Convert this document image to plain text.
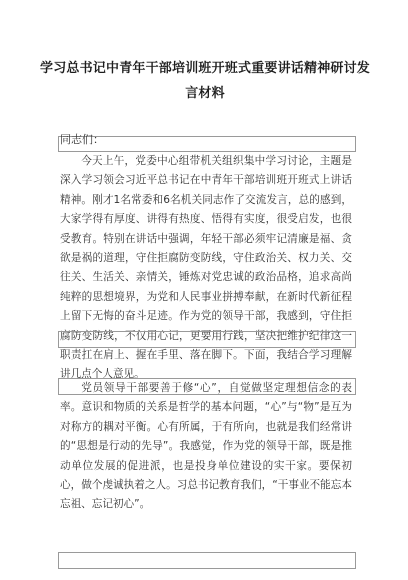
学习总书记中青年干部培训班开班式重要讲话精神研讨发言材料
同志们：
今天上午，党委中心组带机关组织集中学习讨论，主题是深入学习领会习近平总书记在中青年干部培训班开班式上讲话精神。刚才1名常委和6名机关同志作了交流发言，总的感到，大家学得有厚度、讲得有热度、悟得有实度，很受启发，也很受教育。特别在讲话中强调，年轻干部必须牢记清廉是福、贪欲是祸的道理，守住拒腐防变防线，守住政治关、权力关、交往关、生活关、亲情关，锤炼对党忠诚的政治品格，追求高尚纯粹的思想境界，为党和人民事业拼搏奉献，在新时代新征程上留下无悔的奋斗足迹。作为党的领导干部，我感到，守住拒腐防变防线，不仅用心记，更要用行践，坚决把维护纪律这一职责扛在肩上、握在手里、落在脚下。下面，我结合学习理解讲几点个人意见。
党员领导干部要善于修“心”，自觉做坚定理想信念的表率。意识和物质的关系是哲学的基本问题，“心”与“物”是互为对称方的耦对平衡。心有所属，于有所向，也就是我们经常讲的“思想是行动的先导”。我感觉，作为党的领导干部，既是推动单位发展的促进派，也是投身单位建设的实干家。要保初心，做个虔诚执着之人。习总书记教育我们，“干事业不能忘本忘祖、忘记初心”。
